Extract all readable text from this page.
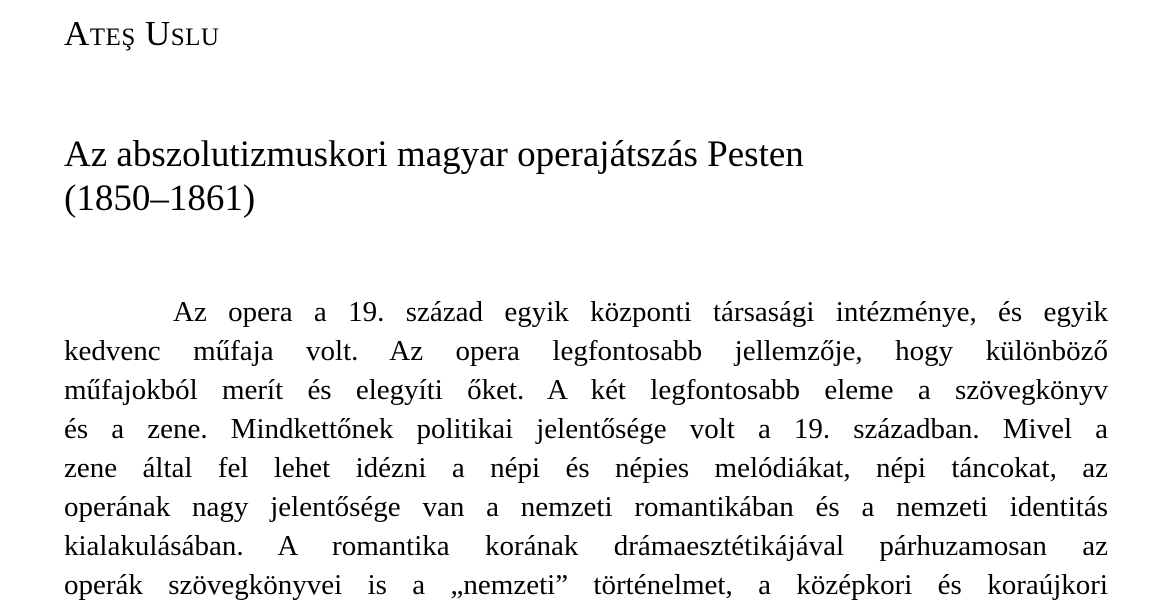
Ateş Uslu
Az abszolutizmuskori magyar operajátszás Pesten
(1850–1861)
Az opera a 19. század egyik központi társasági intézménye, és egyik
kedvenc műfaja volt. Az opera legfontosabb jellemzője, hogy különböző
műfajokból merít és elegyíti őket. A két legfontosabb eleme a szövegkönyv
és a zene. Mindkettőnek politikai jelentősége volt a 19. században. Mivel a
zene által fel lehet idézni a népi és népies melódiákat, népi táncokat, az
operának nagy jelentősége van a nemzeti romantikában és a nemzeti identitás
kialakulásában. A romantika korának drámaesztétikájával párhuzamosan az
operák szövegkönyvei is a „nemzeti” történelmet, a középkori és koraújkori
